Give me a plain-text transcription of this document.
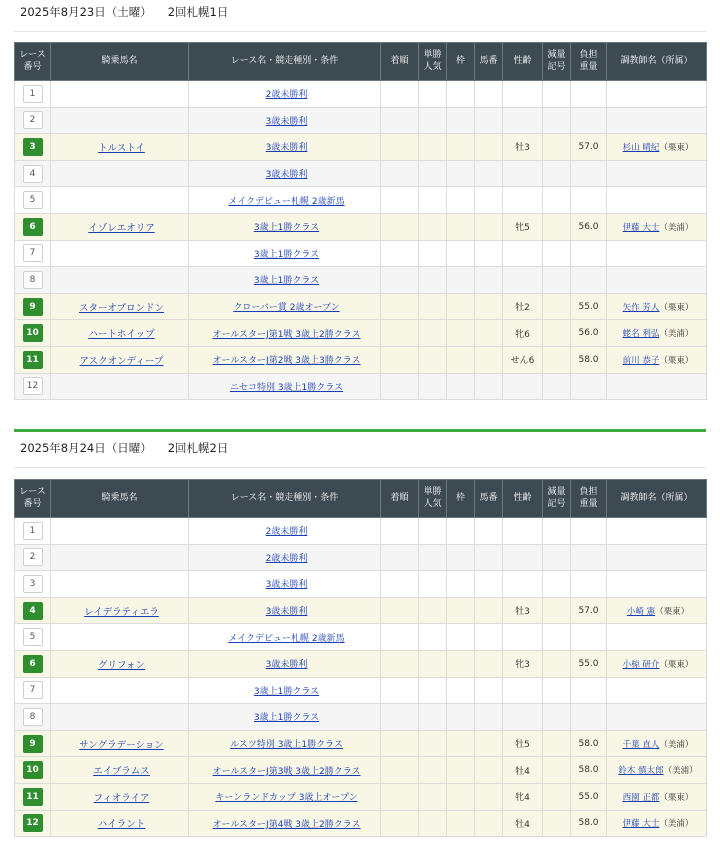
2025年8月23日（土曜） 2回札幌1日
レース
番号	騎乗馬名	レース名・競走種別・条件	着順	単勝
人気	枠	馬番	性齢	減量
記号	負担
重量	調教師名（所属）
1		2歳未勝利								
2		3歳未勝利								
3	トルストイ	3歳未勝利					牡3		57.0	杉山 晴紀（栗東）
4		3歳未勝利								
5		メイクデビュー札幌 2歳新馬								
6	イゾレエオリア	3歳上1勝クラス					牝5		56.0	伊藤 大士（美浦）
7		3歳上1勝クラス								
8		3歳上1勝クラス								
9	スターオブロンドン	クローバー賞 2歳オープン					牡2		55.0	矢作 芳人（栗東）
10	ハートホイップ	オールスターJ第1戦 3歳上2勝クラス					牝6		56.0	蛯名 利弘（美浦）
11	アスクオンディープ	オールスターJ第2戦 3歳上3勝クラス					せん6		58.0	前川 恭子（栗東）
12		ニセコ特別 3歳上1勝クラス								
2025年8月24日（日曜） 2回札幌2日
レース
番号	騎乗馬名	レース名・競走種別・条件	着順	単勝
人気	枠	馬番	性齢	減量
記号	負担
重量	調教師名（所属）
1		2歳未勝利								
2		2歳未勝利								
3		3歳未勝利								
4	レイデラティエラ	3歳未勝利					牡3		57.0	小崎 憲（栗東）
5		メイクデビュー札幌 2歳新馬								
6	グリフォン	3歳未勝利					牝3		55.0	小椋 研介（栗東）
7		3歳上1勝クラス								
8		3歳上1勝クラス								
9	サングラデーション	ルスツ特別 3歳上1勝クラス					牡5		58.0	千葉 直人（美浦）
10	エイブラムス	オールスターJ第3戦 3歳上2勝クラス					牡4		58.0	鈴木 慎太郎（美浦）
11	フィオライア	キーンランドカップ 3歳上オープン					牝4		55.0	西園 正都（栗東）
12	ハイラント	オールスターJ第4戦 3歳上2勝クラス					牡4		58.0	伊藤 大士（美浦）
